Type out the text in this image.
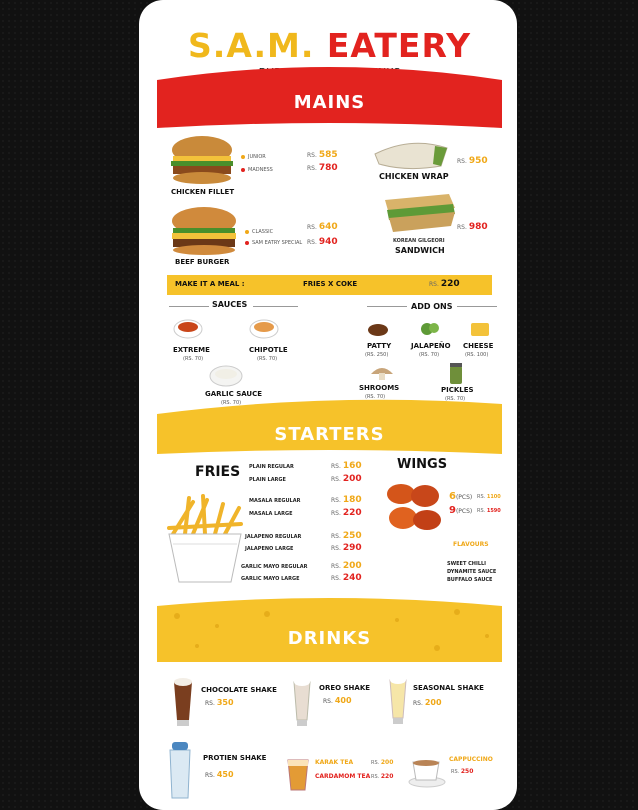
S.A.M. EATERY
MAINS
CHICKEN FILLET
JUNIOR
MADNESS
RS. 585
RS. 780
BEEF BURGER
CLASSIC
SAM EATRY SPECIAL
RS. 640
RS. 940
CHICKEN WRAP
RS. 950
KOREAN GILGEORI
SANDWICH
RS. 980
MAKE IT A MEAL :	FRIES X COKE	RS. 220
SAUCES
EXTREME
(RS. 70)
CHIPOTLE
(RS. 70)
GARLIC SAUCE
(RS. 70)
ADD ONS
PATTY
(RS. 250)
JALAPEÑO
(RS. 70)
CHEESE
(RS. 100)
SHROOMS
(RS. 70)
PICKLES
(RS. 70)
STARTERS
FRIES PLAIN REGULAR	RS. 160
PLAIN LARGE	RS. 200
MASALA REGULAR	RS. 180
MASALA LARGE	RS. 220
JALAPENO REGULAR	RS. 250
JALAPENO LARGE	RS. 290
GARLIC MAYO REGULAR	RS. 200
GARLIC MAYO LARGE	RS. 240
WINGS
6(PCS) RS. 1100
9(PCS) RS. 1590
FLAVOURS
SWEET CHILLI
DYNAMITE SAUCE
BUFFALO SAUCE
DRINKS
CHOCOLATE SHAKE
RS. 350
OREO SHAKE
RS. 400
SEASONAL SHAKE
RS. 200
PROTIEN SHAKE
RS. 450
KARAK TEA	RS. 200
CARDAMOM TEA RS. 220
CAPPUCCINO
RS. 250
